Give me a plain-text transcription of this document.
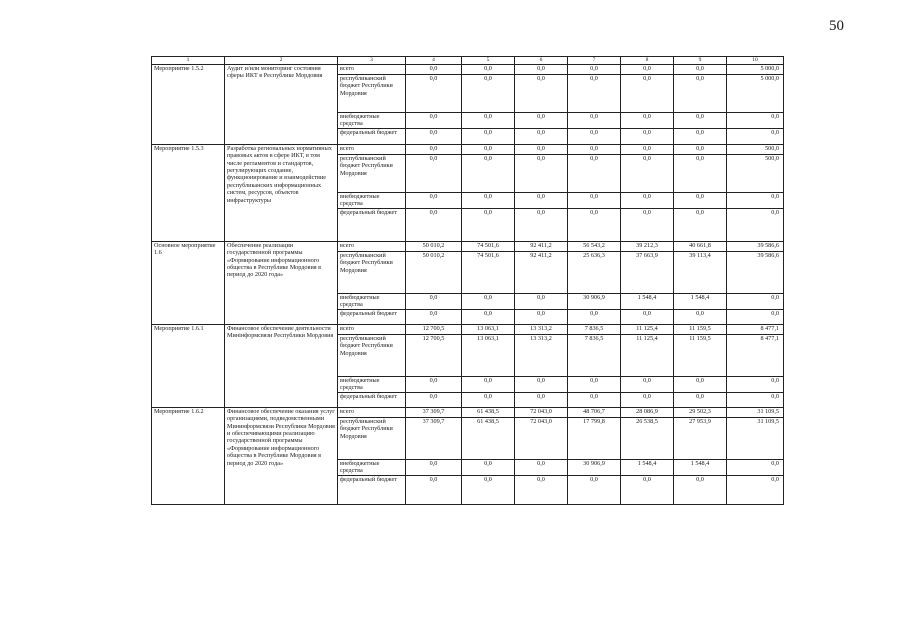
50
1	2	3	4	5	6	7	8	9	10
Мероприятие 1.5.2	Аудит и/или мониторинг состояния сферы ИКТ в Республике Мордовия	всего	0,0	0,0	0,0	0,0	0,0	0,0	5 000,0
		республиканский бюджет Республики Мордовия	0,0	0,0	0,0	0,0	0,0	0,0	5 000,0
		внебюджетные средства	0,0	0,0	0,0	0,0	0,0	0,0	0,0
		федеральный бюджет	0,0	0,0	0,0	0,0	0,0	0,0	0,0
Мероприятие 1.5.3	Разработка региональных нормативных правовых актов в сфере ИКТ, в том числе регламентов и стандартов, регулирующих создание, функционирование и взаимодействие республиканских информационных систем, ресурсов, объектов инфраструктуры	всего	0,0	0,0	0,0	0,0	0,0	0,0	500,0
		республиканский бюджет Республики Мордовия	0,0	0,0	0,0	0,0	0,0	0,0	500,0
		внебюджетные средства	0,0	0,0	0,0	0,0	0,0	0,0	0,0
		федеральный бюджет	0,0	0,0	0,0	0,0	0,0	0,0	0,0
Основное мероприятие 1.6	Обеспечение реализации государственной программы «Формирование информационного общества в Республике Мордовия в период до 2020 года»	всего	50 010,2	74 501,6	92 411,2	56 543,2	39 212,3	40 661,8	39 586,6
		республиканский бюджет Республики Мордовия	50 010,2	74 501,6	92 411,2	25 636,3	37 663,9	39 113,4	39 586,6
		внебюджетные средства	0,0	0,0	0,0	30 906,9	1 548,4	1 548,4	0,0
		федеральный бюджет	0,0	0,0	0,0	0,0	0,0	0,0	0,0
Мероприятие 1.6.1	Финансовое обеспечение деятельности Минінформсвязи Республики Мордовия	всего	12 700,5	13 063,1	13 313,2	7 836,5	11 125,4	11 159,5	8 477,1
		республиканский бюджет Республики Мордовия	12 700,5	13 063,1	13 313,2	7 836,5	11 125,4	11 159,5	8 477,1
		внебюджетные средства	0,0	0,0	0,0	0,0	0,0	0,0	0,0
		федеральный бюджет	0,0	0,0	0,0	0,0	0,0	0,0	0,0
Мероприятие 1.6.2	Финансовое обеспечение оказания услуг организациями, подведомственными Мининформсвязи Республики Мордовия и обеспечивающими реализацию государственной программы «Формирование информационного общества в Республике Мордовия в период до 2020 года»	всего	37 309,7	61 438,5	72 043,0	48 706,7	28 086,9	29 502,3	31 109,5
		республиканский бюджет Республики Мордовия	37 309,7	61 438,5	72 043,0	17 799,8	26 538,5	27 953,9	31 109,5
		внебюджетные средства	0,0	0,0	0,0	30 906,9	1 548,4	1 548,4	0,0
		федеральный бюджет	0,0	0,0	0,0	0,0	0,0	0,0	0,0
